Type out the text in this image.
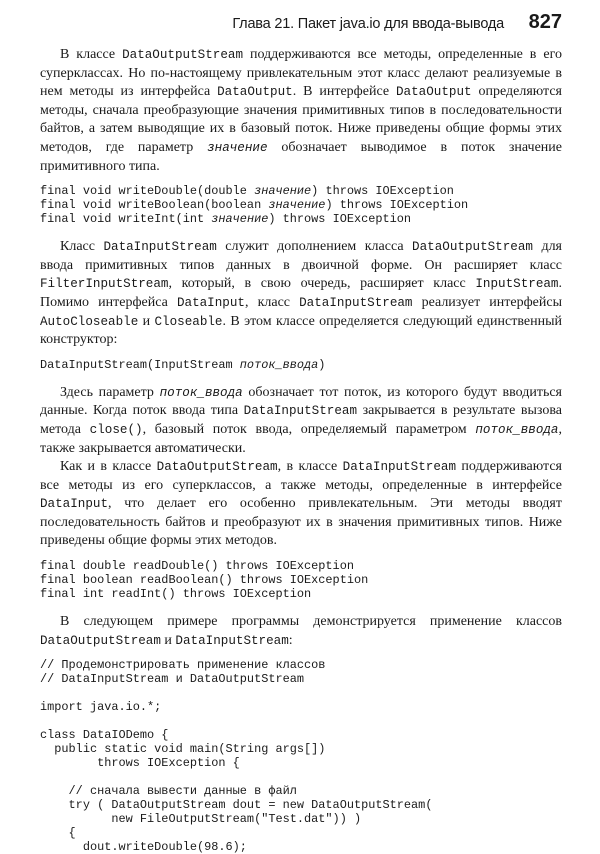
Глава 21. Пакет java.io для ввода-вывода 827

В классе DataOutputStream поддерживаются все методы, определенные в его суперклассах. Но по-настоящему привлекательным этот класс делают реализуемые в нем методы из интерфейса DataOutput. В интерфейсе DataOutput определяются методы, сначала преобразующие значения примитивных типов в последовательности байтов, а затем выводящие их в базовый поток. Ниже приведены общие формы этих методов, где параметр значение обозначает выводимое в поток значение примитивного типа.

final void writeDouble(double значение) throws IOException
final void writeBoolean(boolean значение) throws IOException
final void writeInt(int значение) throws IOException

Класс DataInputStream служит дополнением класса DataOutputStream для ввода примитивных типов данных в двоичной форме. Он расширяет класс FilterInputStream, который, в свою очередь, расширяет класс InputStream. Помимо интерфейса DataInput, класс DataInputStream реализует интерфейсы AutoCloseable и Closeable. В этом классе определяется следующий единственный конструктор:

DataInputStream(InputStream поток_ввода)

Здесь параметр поток_ввода обозначает тот поток, из которого будут вводиться данные. Когда поток ввода типа DataInputStream закрывается в результате вызова метода close(), базовый поток ввода, определяемый параметром поток_ввода, также закрывается автоматически.

Как и в классе DataOutputStream, в классе DataInputStream поддерживаются все методы из его суперклассов, а также методы, определенные в интерфейсе DataInput, что делает его особенно привлекательным. Эти методы вводят последовательность байтов и преобразуют их в значения примитивных типов. Ниже приведены общие формы этих методов.

final double readDouble() throws IOException
final boolean readBoolean() throws IOException
final int readInt() throws IOException

В следующем примере программы демонстрируется применение классов DataOutputStream и DataInputStream:

// Продемонстрировать применение классов
// DataInputStream и DataOutputStream

import java.io.*;

class DataIODemo {
public static void main(String args[])
throws IOException {

// сначала вывести данные в файл
try ( DataOutputStream dout = new DataOutputStream(
new FileOutputStream("Test.dat")) )
{
dout.writeDouble(98.6);
